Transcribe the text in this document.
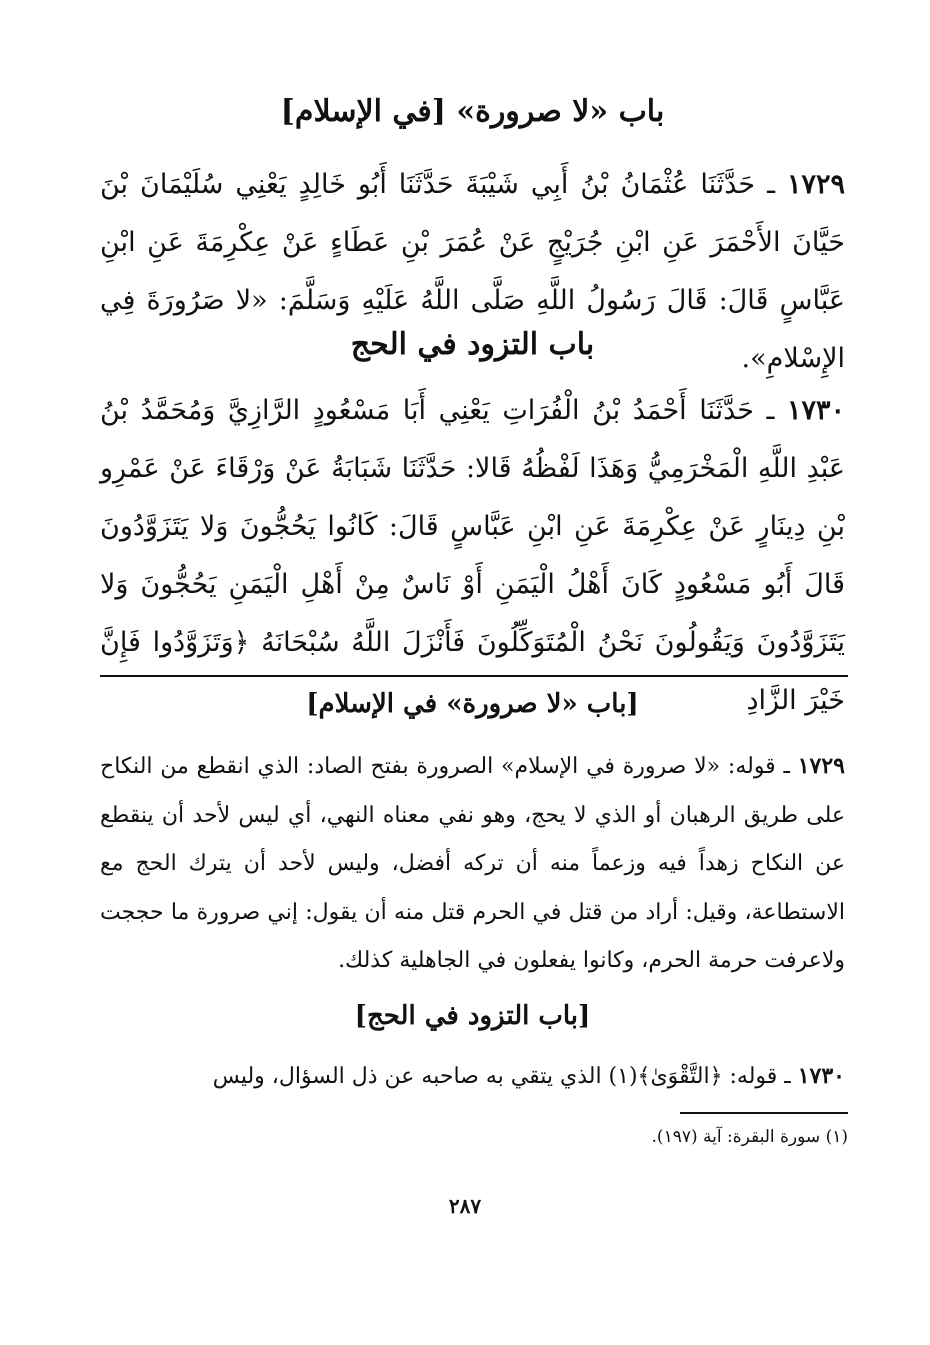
باب «لا صرورة» [في الإسلام]
١٧٢٩ ـ حَدَّثَنَا عُثْمَانُ بْنُ أَبِي شَيْبَةَ حَدَّثَنَا أَبُو خَالِدٍ يَعْنِي سُلَيْمَانَ بْنَ حَيَّانَ الأَحْمَرَ عَنِ ابْنِ جُرَيْجٍ عَنْ عُمَرَ بْنِ عَطَاءٍ عَنْ عِكْرِمَةَ عَنِ ابْنِ عَبَّاسٍ قَالَ: قَالَ رَسُولُ اللَّهِ صَلَّى اللَّهُ عَلَيْهِ وَسَلَّمَ: «لا صَرُورَةَ فِي الإِسْلامِ».
باب التزود في الحج
١٧٣٠ ـ حَدَّثَنَا أَحْمَدُ بْنُ الْفُرَاتِ يَعْنِي أَبَا مَسْعُودٍ الرَّازِيَّ وَمُحَمَّدُ بْنُ عَبْدِ اللَّهِ الْمَخْرَمِيُّ وَهَذَا لَفْظُهُ قَالا: حَدَّثَنَا شَبَابَةُ عَنْ وَرْقَاءَ عَنْ عَمْرِو بْنِ دِينَارٍ عَنْ عِكْرِمَةَ عَنِ ابْنِ عَبَّاسٍ قَالَ: كَانُوا يَحُجُّونَ وَلا يَتَزَوَّدُونَ قَالَ أَبُو مَسْعُودٍ كَانَ أَهْلُ الْيَمَنِ أَوْ نَاسٌ مِنْ أَهْلِ الْيَمَنِ يَحُجُّونَ وَلا يَتَزَوَّدُونَ وَيَقُولُونَ نَحْنُ الْمُتَوَكِّلُونَ فَأَنْزَلَ اللَّهُ سُبْحَانَهُ ﴿وَتَزَوَّدُوا فَإِنَّ خَيْرَ الزَّادِ
[باب «لا صرورة» في الإسلام]
١٧٢٩ ـ قوله: «لا صرورة في الإسلام» الصرورة بفتح الصاد: الذي انقطع من النكاح على طريق الرهبان أو الذي لا يحج، وهو نفي معناه النهي، أي ليس لأحد أن ينقطع عن النكاح زهداً فيه وزعماً منه أن تركه أفضل، وليس لأحد أن يترك الحج مع الاستطاعة، وقيل: أراد من قتل في الحرم قتل منه أن يقول: إني صرورة ما حججت ولاعرفت حرمة الحرم، وكانوا يفعلون في الجاهلية كذلك.
[باب التزود في الحج]
١٧٣٠ ـ قوله: ﴿التَّقْوَىٰ﴾(١) الذي يتقي به صاحبه عن ذل السؤال، وليس
(١) سورة البقرة: آية (١٩٧).
٢٨٧
